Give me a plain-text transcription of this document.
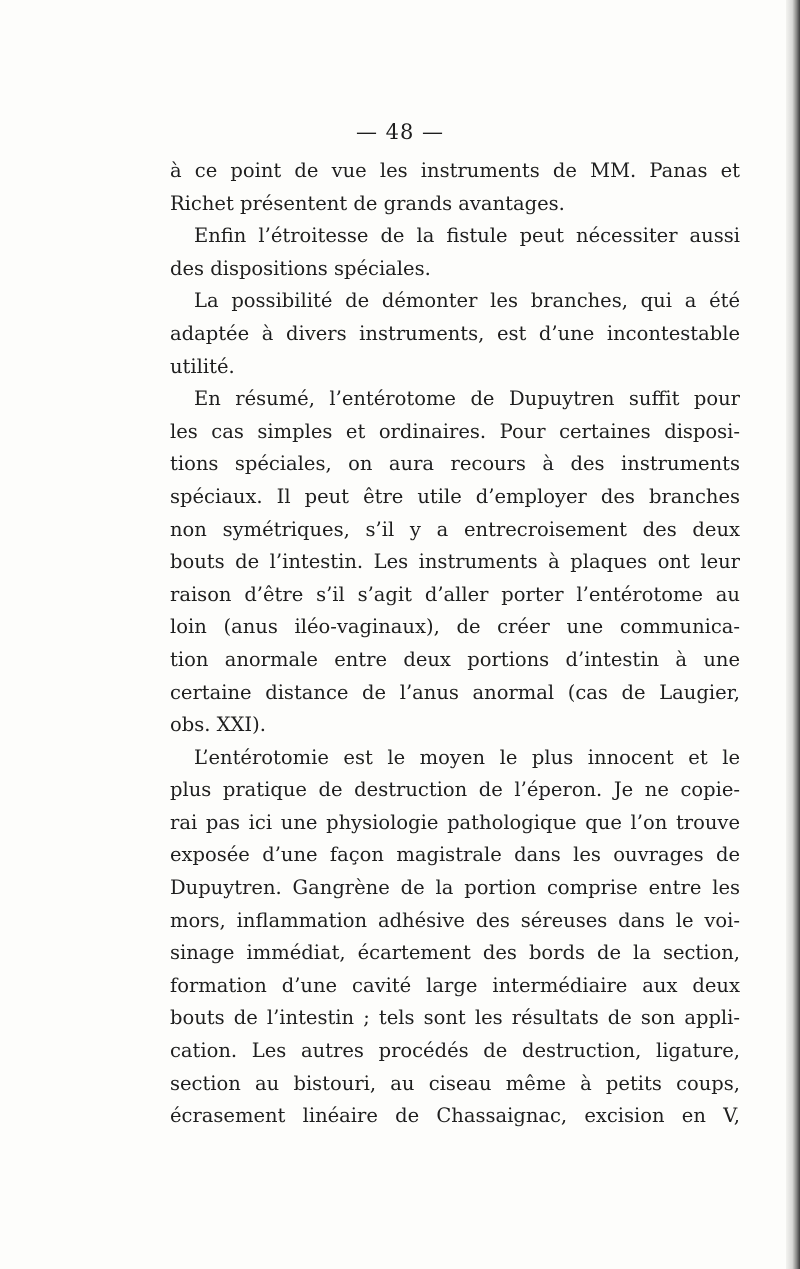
— 48 —
à ce point de vue les instruments de MM. Panas et
Richet présentent de grands avantages.
Enfin l’étroitesse de la fistule peut nécessiter aussi
des dispositions spéciales.
La possibilité de démonter les branches, qui a été
adaptée à divers instruments, est d’une incontestable
utilité.
En résumé, l’entérotome de Dupuytren suffit pour
les cas simples et ordinaires. Pour certaines disposi-
tions spéciales, on aura recours à des instruments
spéciaux. Il peut être utile d’employer des branches
non symétriques, s’il y a entrecroisement des deux
bouts de l’intestin. Les instruments à plaques ont leur
raison d’être s’il s’agit d’aller porter l’entérotome au
loin (anus iléo-vaginaux), de créer une communica-
tion anormale entre deux portions d’intestin à une
certaine distance de l’anus anormal (cas de Laugier,
obs. XXI).
L’entérotomie est le moyen le plus innocent et le
plus pratique de destruction de l’éperon. Je ne copie-
rai pas ici une physiologie pathologique que l’on trouve
exposée d’une façon magistrale dans les ouvrages de
Dupuytren. Gangrène de la portion comprise entre les
mors, inflammation adhésive des séreuses dans le voi-
sinage immédiat, écartement des bords de la section,
formation d’une cavité large intermédiaire aux deux
bouts de l’intestin ; tels sont les résultats de son appli-
cation. Les autres procédés de destruction, ligature,
section au bistouri, au ciseau même à petits coups,
écrasement linéaire de Chassaignac, excision en V,
